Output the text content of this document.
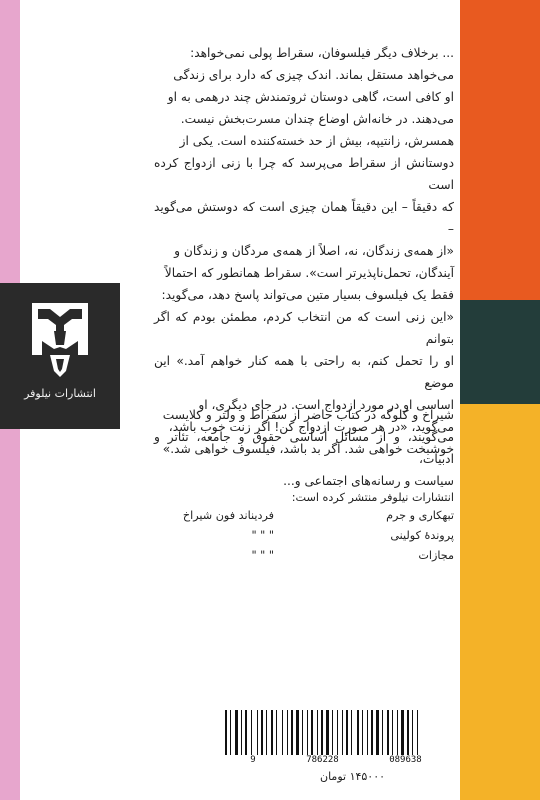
انتشارات نیلوفر

... برخلاف دیگر فیلسوفان، سقراط پولی نمی‌خواهد:

می‌خواهد مستقل بماند. اندک چیزی که دارد برای زندگی

او کافی است، گاهی دوستان ثروتمندش چند درهمی به او

می‌دهند. در خانه‌اش اوضاع چندان مسرت‌بخش نیست.

همسرش، زانتیپه، بیش از حد خسته‌کننده است. یکی از

دوستانش از سقراط می‌پرسد که چرا با زنی ازدواج کرده است

که دقیقاً – این دقیقاً همان چیزی است که دوستش می‌گوید –

«از همه‌ی زندگان، نه، اصلاً از همه‌ی مردگان و زندگان و

آیندگان، تحمل‌ناپذیرتر است». سقراط همانطور که احتمالاً

فقط یک فیلسوف بسیار متین می‌تواند پاسخ دهد، می‌گوید:

«این زنی است که من انتخاب کردم، مطمئن بودم که اگر بتوانم

او را تحمل کنم، به راحتی با همه کنار خواهم آمد.» این موضع

اساسی او در مورد ازدواج است. در جای دیگری، او

می‌گوید، «در هر صورت ازدواج کن! اگر زنت خوب باشد،

خوشبخت خواهی شد. اگر بد باشد، فیلسوف خواهی شد.»

شیراخ و کلوگه در کتاب حاضر از سقراط و ولتر و کلایست

می‌گویند، و از مسائل اساسی حقوق و جامعه، تئاتر و ادبیات،

سیاست و رسانه‌های اجتماعی و...

انتشارات نیلوفر منتشر کرده است:
تبهکاری و جرم
فردیناند فون شیراخ
پروندهٔ کولینی
" " "
مجازات
" " "
9	786228	089638
۱۴۵۰۰۰ تومان
